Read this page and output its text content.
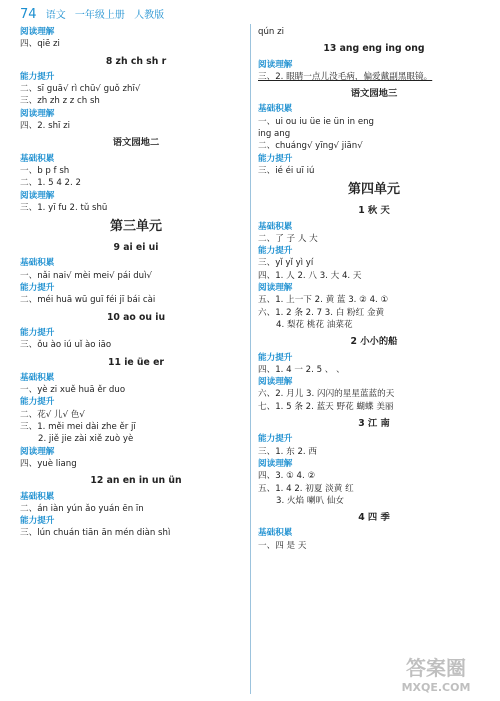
74 语文 一年级上册 人教版
阅读理解
四、qiē zi
8 zh ch sh r
能力提升
二、sī guā√ rì chū√ guǒ zhī√
三、zh zh z z ch sh
阅读理解
四、2. shī zi
语文园地二
基础积累
一、b p f sh
二、1. 5 4 2. 2
阅读理解
三、1. yī fu 2. tǔ shū
第三单元
9 ai ei ui
基础积累
一、nǎi nai√ mèi mei√ pái duì√
能力提升
二、méi huā wū guī féi jī bái cài
10 ao ou iu
能力提升
三、ǒu ào iú uǐ ào iāo
11 ie üe er
基础积累
一、yè zi xuě huā ěr duo
能力提升
二、花√ 儿√ 色√
三、1. měi mei dài zhe ěr jī
2. jiě jie zài xiě zuò yè
阅读理解
四、yuè liang
12 an en in un ün
基础积累
二、án iàn yún ǎo yuán ēn īn
能力提升
三、lún chuán tiān ān mén diàn shì
qún zi
13 ang eng ing ong
阅读理解
三、2. 眼睛一点儿没毛病，偏爱戴副黑眼镜。
语文园地三
基础积累
一、ui ou iu üe ie ün in eng
ing ang
二、chuáng√ yīng√ jiān√
能力提升
三、ié éi uī iú
第四单元
1 秋 天
基础积累
二、了 子 人 大
能力提升
三、yǐ yǐ yì yí
四、1. 人 2. 八 3. 大 4. 天
阅读理解
五、1. 上一下 2. 黄 蓝 3. ② 4. ①
六、1. 2 条 2. 7 3. 白 粉红 金黄
4. 梨花 桃花 油菜花
2 小小的船
能力提升
四、1. 4 一 2. 5 、 、
阅读理解
六、2. 月儿 3. 闪闪的星星蓝蓝的天
七、1. 5 条 2. 蓝天 野花 蝴蝶 美丽
3 江 南
能力提升
三、1. 东 2. 西
阅读理解
四、3. ① 4. ②
五、1. 4 2. 初夏 淡黄 红
3. 火焰 喇叭 仙女
4 四 季
基础积累
一、四 是 天
答案圈
MXQE.COM
